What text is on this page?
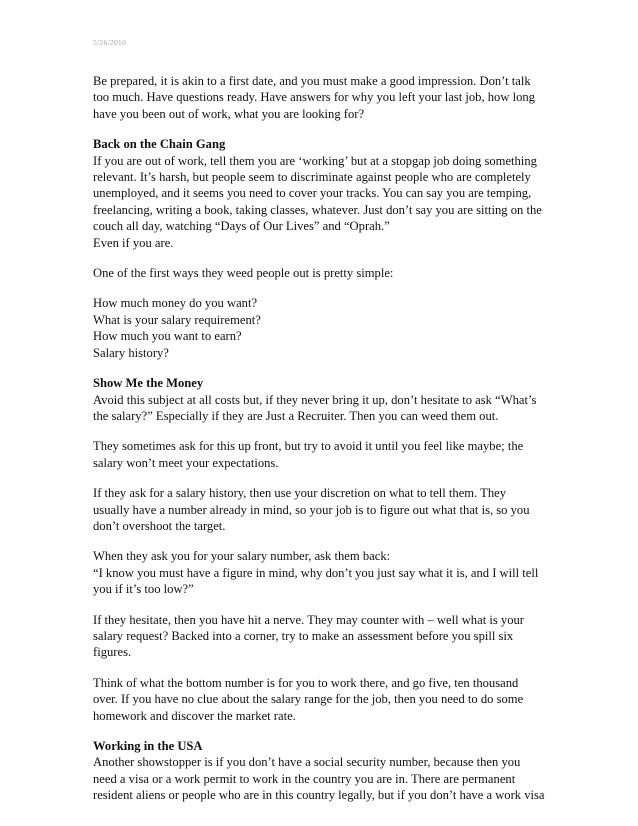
5/26/2010
Be prepared, it is akin to a first date, and you must make a good impression. Don’t talk
too much. Have questions ready. Have answers for why you left your last job, how long
have you been out of work, what you are looking for?
Back on the Chain Gang
If you are out of work, tell them you are ‘working’ but at a stopgap job doing something
relevant. It’s harsh, but people seem to discriminate against people who are completely
unemployed, and it seems you need to cover your tracks. You can say you are temping,
freelancing, writing a book, taking classes, whatever. Just don’t say you are sitting on the
couch all day, watching “Days of Our Lives” and “Oprah.”
Even if you are.
One of the first ways they weed people out is pretty simple:
How much money do you want?
What is your salary requirement?
How much you want to earn?
Salary history?
Show Me the Money
Avoid this subject at all costs but, if they never bring it up, don’t hesitate to ask “What’s
the salary?” Especially if they are Just a Recruiter. Then you can weed them out.
They sometimes ask for this up front, but try to avoid it until you feel like maybe; the
salary won’t meet your expectations.
If they ask for a salary history, then use your discretion on what to tell them. They
usually have a number already in mind, so your job is to figure out what that is, so you
don’t overshoot the target.
When they ask you for your salary number, ask them back:
“I know you must have a figure in mind, why don’t you just say what it is, and I will tell
you if it’s too low?”
If they hesitate, then you have hit a nerve. They may counter with – well what is your
salary request? Backed into a corner, try to make an assessment before you spill six
figures.
Think of what the bottom number is for you to work there, and go five, ten thousand
over. If you have no clue about the salary range for the job, then you need to do some
homework and discover the market rate.
Working in the USA
Another showstopper is if you don’t have a social security number, because then you
need a visa or a work permit to work in the country you are in. There are permanent
resident aliens or people who are in this country legally, but if you don’t have a work visa
